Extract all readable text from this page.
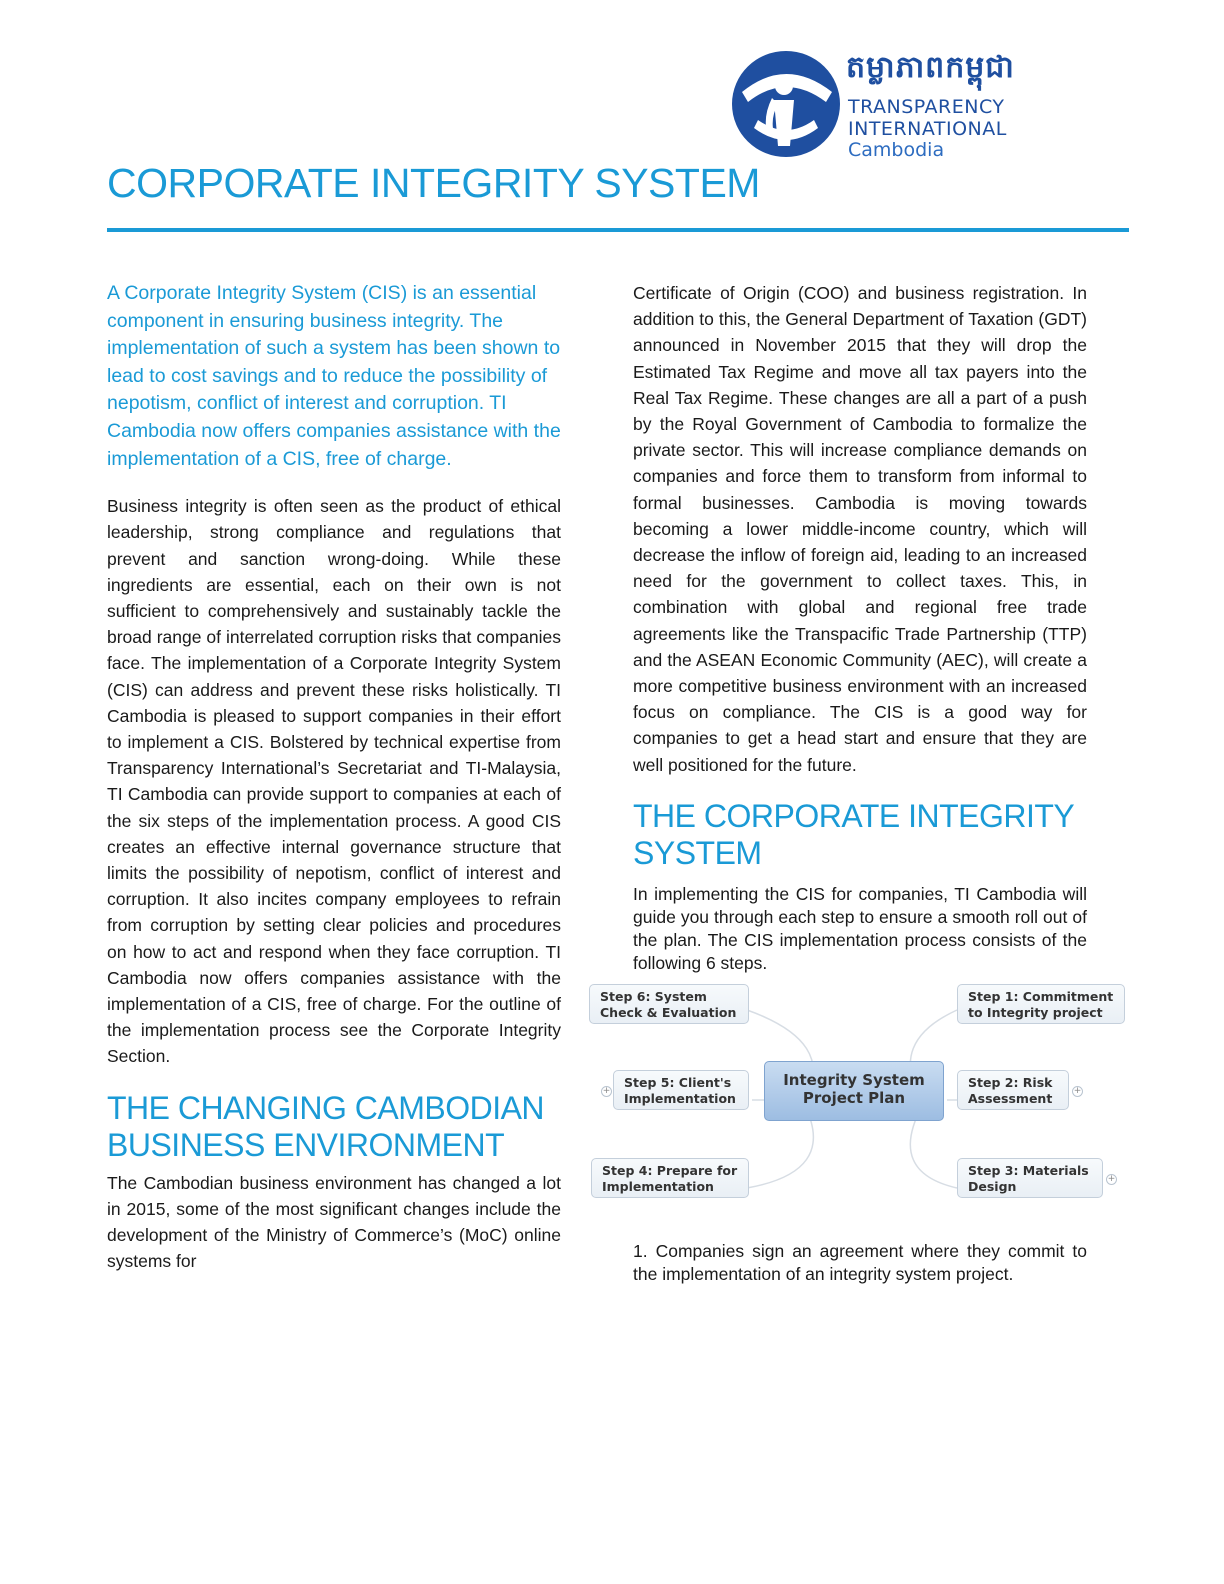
តម្លាភាពកម្ពុជា
TRANSPARENCY
INTERNATIONAL
Cambodia
CORPORATE INTEGRITY SYSTEM

A Corporate Integrity System (CIS) is an essential component in ensuring business integrity. The implementation of such a system has been shown to lead to cost savings and to reduce the possibility of nepotism, conflict of interest and corruption. TI Cambodia now offers companies assistance with the implementation of a CIS, free of charge.

Business integrity is often seen as the product of ethical leadership, strong compliance and regulations that prevent and sanction wrong-doing. While these ingredients are essential, each on their own is not sufficient to comprehensively and sustainably tackle the broad range of interrelated corruption risks that companies face. The implementation of a Corporate Integrity System (CIS) can address and prevent these risks holistically. TI Cambodia is pleased to support companies in their effort to implement a CIS. Bolstered by technical expertise from Transparency International’s Secretariat and TI-Malaysia, TI Cambodia can provide support to companies at each of the six steps of the implementation process. A good CIS creates an effective internal governance structure that limits the possibility of nepotism, conflict of interest and corruption. It also incites company employees to refrain from corruption by setting clear policies and procedures on how to act and respond when they face corruption. TI Cambodia now offers companies assistance with the implementation of a CIS, free of charge. For the outline of the implementation process see the Corporate Integrity Section.

THE CHANGING CAMBODIAN BUSINESS ENVIRONMENT

The Cambodian business environment has changed a lot in 2015, some of the most significant changes include the development of the Ministry of Commerce’s (MoC) online systems for

Certificate of Origin (COO) and business registration. In addition to this, the General Department of Taxation (GDT) announced in November 2015 that they will drop the Estimated Tax Regime and move all tax payers into the Real Tax Regime. These changes are all a part of a push by the Royal Government of Cambodia to formalize the private sector. This will increase compliance demands on companies and force them to transform from informal to formal businesses. Cambodia is moving towards becoming a lower middle-income country, which will decrease the inflow of foreign aid, leading to an increased need for the government to collect taxes. This, in combination with global and regional free trade agreements like the Transpacific Trade Partnership (TTP) and the ASEAN Economic Community (AEC), will create a more competitive business environment with an increased focus on compliance. The CIS is a good way for companies to get a head start and ensure that they are well positioned for the future.

THE CORPORATE INTEGRITY SYSTEM

In implementing the CIS for companies, TI Cambodia will guide you through each step to ensure a smooth roll out of the plan. The CIS implementation process consists of the following 6 steps.

Step 6: System Check & Evaluation
Step 1: Commitment to Integrity project
Step 5: Client's Implementation
+
Integrity System Project Plan
Step 2: Risk Assessment	+
Step 4: Prepare for Implementation
Step 3: Materials Design	+

1. Companies sign an agreement where they commit to the implementation of an integrity system project.
